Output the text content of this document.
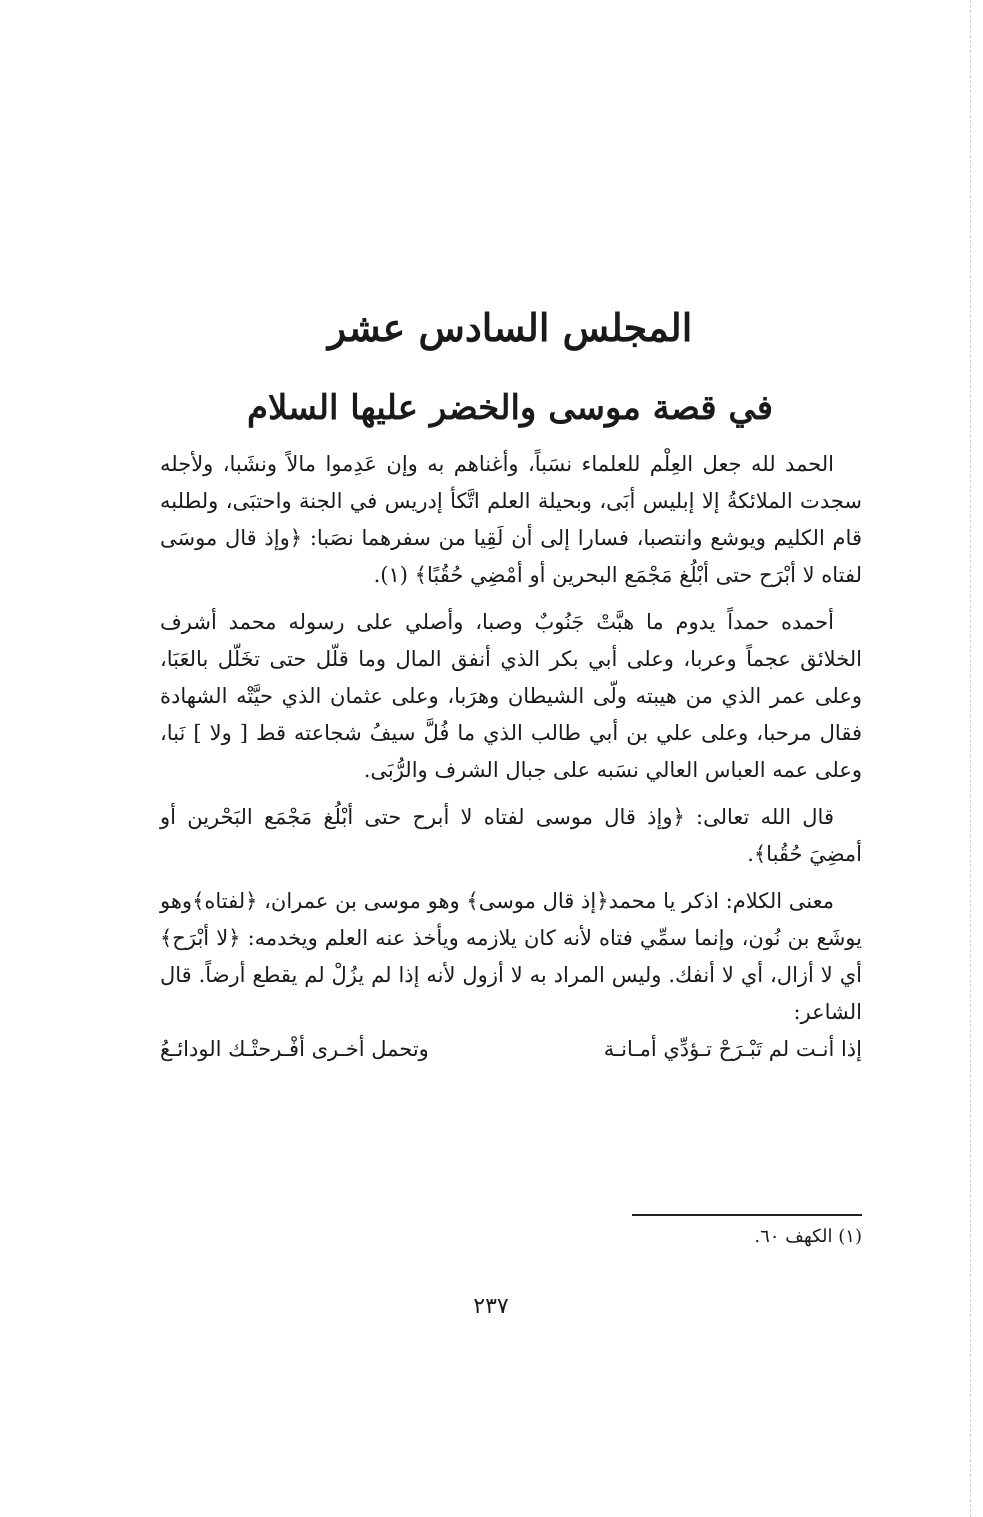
المجلس السادس عشر
في قصة موسى والخضر عليها السلام

الحمد لله جعل العِلْم للعلماء نسَباً، وأغناهم به وإن عَدِموا مالاً ونشَبا، ولأجله سجدت الملائكةُ إلا إبليس أبَى، وبحيلة العلم اتَّكأ إدريس في الجنة واحتبَى، ولطلبه قام الكليم ويوشع وانتصبا، فسارا إلى أن لَقِيا من سفرهما نصَبا: ﴿وإذ قال موسَى لفتاه لا أبْرَح حتى أبْلُغ مَجْمَع البحرين أو أمْضِي حُقُبًا﴾ (١).

أحمده حمداً يدوم ما هبَّتْ جَنُوبٌ وصبا، وأصلي على رسوله محمد أشرف الخلائق عجماً وعربا، وعلى أبي بكر الذي أنفق المال وما قلّل حتى تخَلّل بالعَبَا، وعلى عمر الذي من هيبته ولّى الشيطان وهرَبا، وعلى عثمان الذي حيَّتْه الشهادة فقال مرحبا، وعلى علي بن أبي طالب الذي ما فُلَّ سيفُ شجاعته قط [ ولا ] نَبا، وعلى عمه العباس العالي نسَبه على جبال الشرف والرُّبَى.

قال الله تعالى: ﴿وإذ قال موسى لفتاه لا أبرح حتى أبْلُغ مَجْمَع البَحْرين أو أمضِيَ حُقُبا﴾.

معنى الكلام: اذكر يا محمد﴿إذ قال موسى﴾ وهو موسى بن عمران، ﴿لفتاه﴾وهو يوشَع بن نُون، وإنما سمِّي فتاه لأنه كان يلازمه ويأخذ عنه العلم ويخدمه: ﴿لا أبْرَح﴾ أي لا أزال، أي لا أنفك. وليس المراد به لا أزول لأنه إذا لم يزُلْ لم يقطع أرضاً. قال الشاعر:

إذا أنـت لم تَبْـرَحْ تـؤدِّي أمـانـة
وتحمل أخـرى أفْـرحتْـك الودائـعُ
(١) الكهف ٦٠.
٢٣٧
